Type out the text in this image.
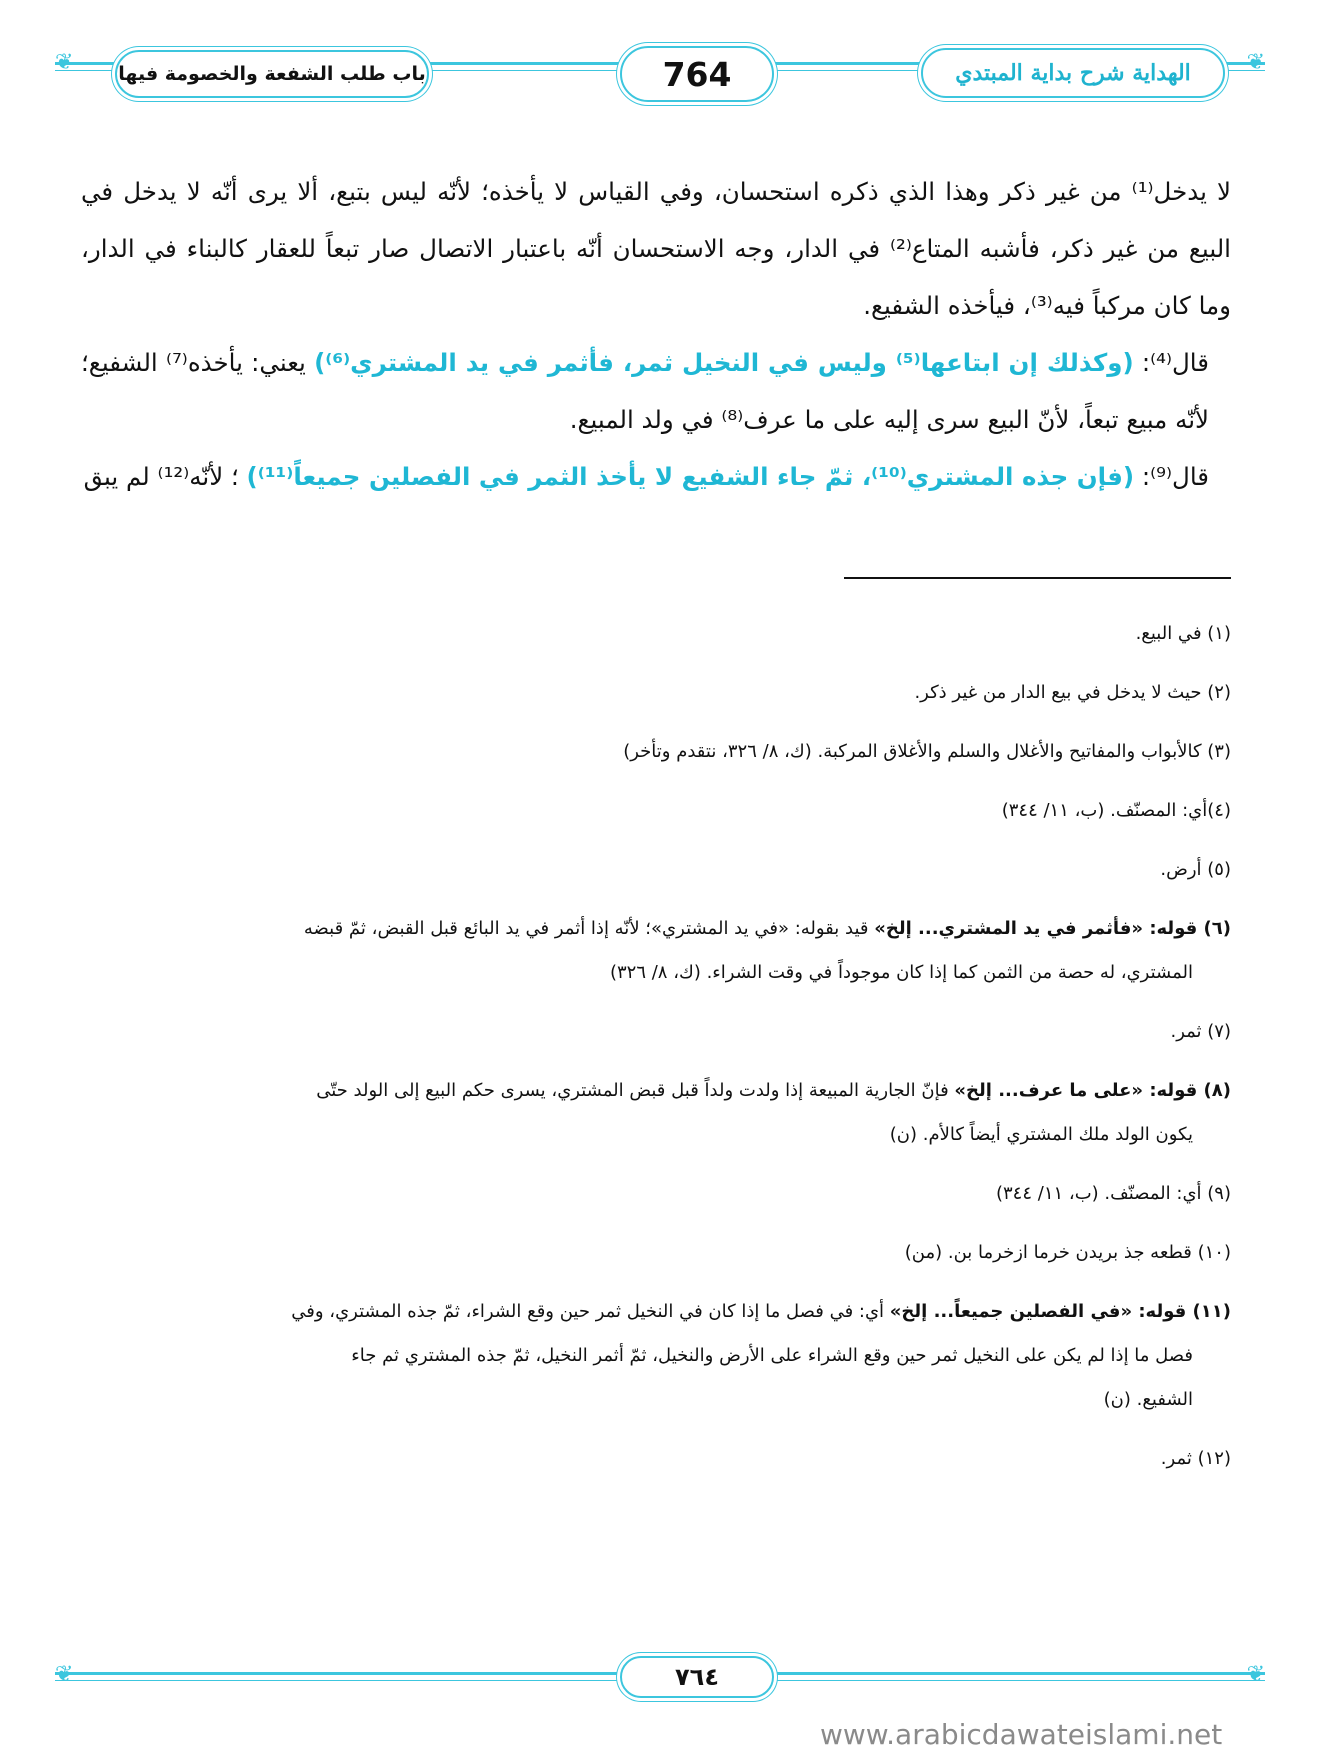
❦	❦
باب طلب الشفعة والخصومة فيها	764	الهداية شرح بداية المبتدي

لا يدخل⁽¹⁾ من غير ذكر وهذا الذي ذكره استحسان، وفي القياس لا يأخذه؛ لأنّه ليس بتبع، ألا يرى أنّه لا يدخل في البيع من غير ذكر، فأشبه المتاع⁽²⁾ في الدار، وجه الاستحسان أنّه باعتبار الاتصال صار تبعاً للعقار كالبناء في الدار، وما كان مركباً فيه⁽³⁾، فيأخذه الشفيع.

قال⁽⁴⁾: (وكذلك إن ابتاعها⁽⁵⁾ وليس في النخيل ثمر، فأثمر في يد المشتري⁽⁶⁾) يعني: يأخذه⁽⁷⁾ الشفيع؛ لأنّه مبيع تبعاً، لأنّ البيع سرى إليه على ما عرف⁽⁸⁾ في ولد المبيع.

قال⁽⁹⁾: (فإن جذه المشتري⁽¹⁰⁾، ثمّ جاء الشفيع لا يأخذ الثمر في الفصلين جميعاً⁽¹¹⁾) ؛ لأنّه⁽¹²⁾ لم يبق

(١) في البيع.

(٢) حيث لا يدخل في بيع الدار من غير ذكر.

(٣) كالأبواب والمفاتيح والأغلال والسلم والأغلاق المركبة. (ك، ٨/ ٣٢٦، نتقدم وتأخر)

(٤)أي: المصنّف. (ب، ١١/ ٣٤٤)

(٥) أرض.

(٦) قوله: «فأثمر في يد المشتري... إلخ» قيد بقوله: «في يد المشتري»؛ لأنّه إذا أثمر في يد البائع قبل القبض، ثمّ قبضه
المشتري، له حصة من الثمن كما إذا كان موجوداً في وقت الشراء. (ك، ٨/ ٣٢٦)

(٧) ثمر.

(٨) قوله: «على ما عرف... إلخ» فإنّ الجارية المبيعة إذا ولدت ولداً قبل قبض المشتري، يسرى حكم البيع إلى الولد حتّى
يكون الولد ملك المشتري أيضاً كالأم. (ن)

(٩) أي: المصنّف. (ب، ١١/ ٣٤٤)

(١٠) قطعه جذ بريدن خرما ازخرما بن. (من)

(١١) قوله: «في الفصلين جميعاً... إلخ» أي: في فصل ما إذا كان في النخيل ثمر حين وقع الشراء، ثمّ جذه المشتري، وفي
فصل ما إذا لم يكن على النخيل ثمر حين وقع الشراء على الأرض والنخيل، ثمّ أثمر النخيل، ثمّ جذه المشتري ثم جاء
الشفيع. (ن)

(١٢) ثمر.

❦	❦
٧٦٤
www.arabicdawateislami.net
